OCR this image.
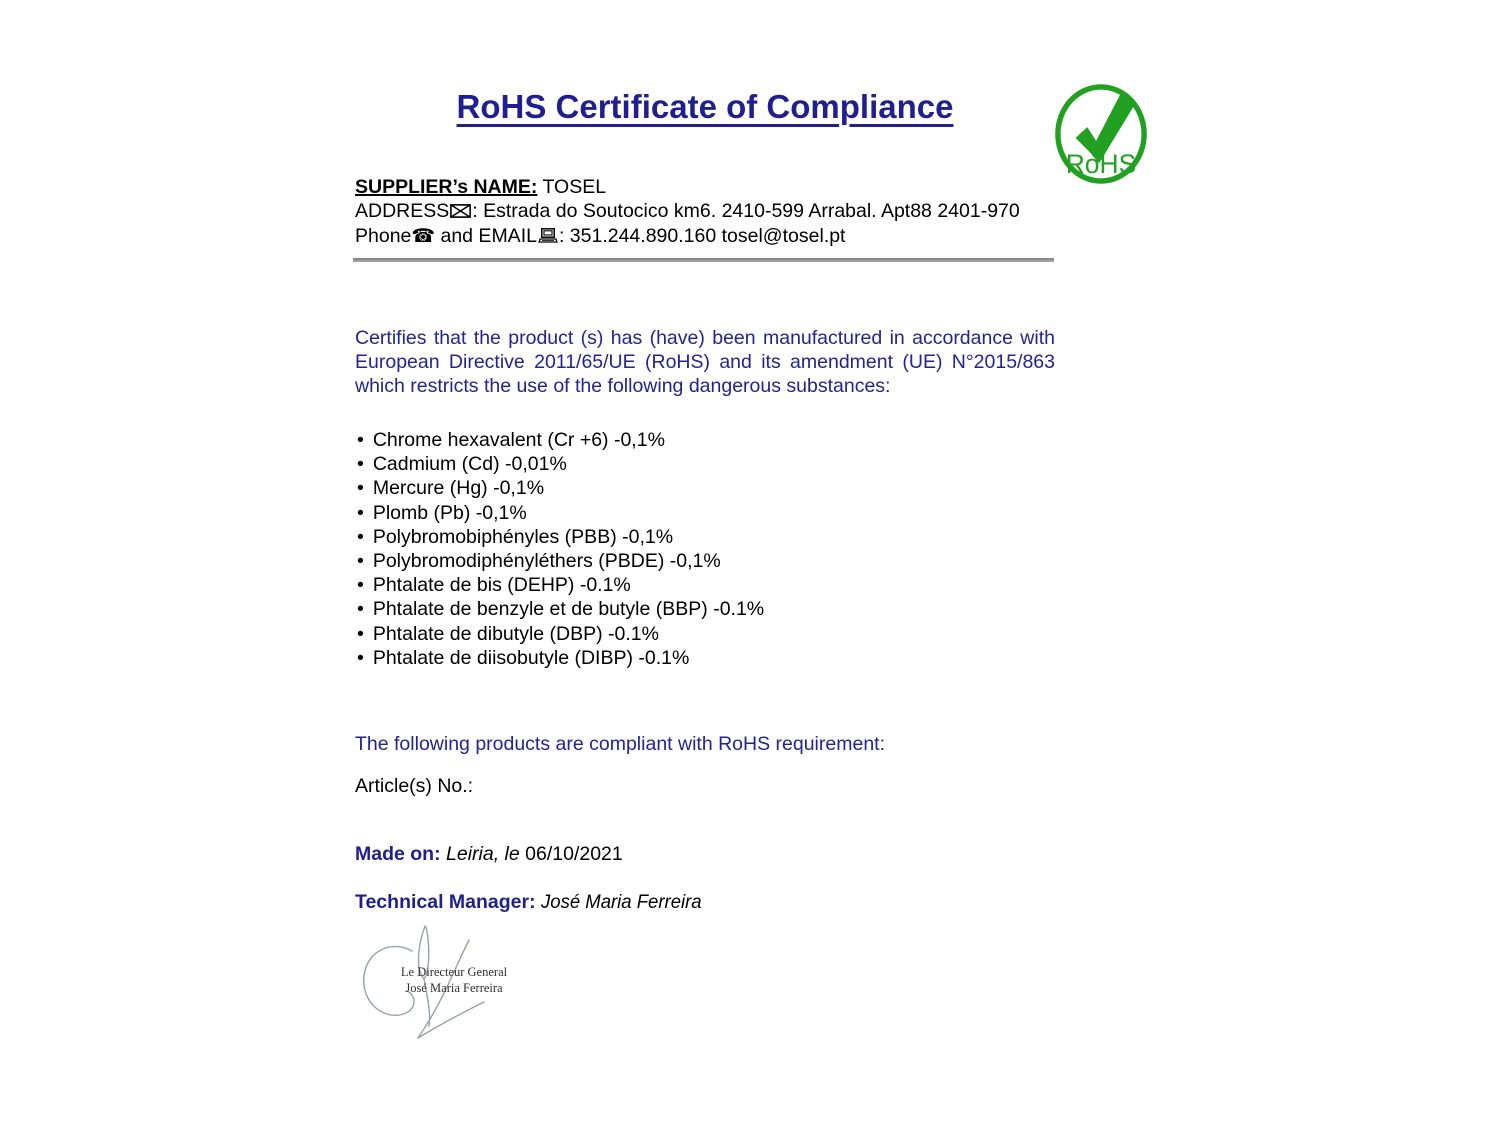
RoHS Certificate of Compliance
RoHS
SUPPLIER’s NAME: TOSEL
ADDRESS : Estrada do Soutocico km6. 2410-599 Arrabal. Apt88 2401-970
Phone☎ and EMAIL : 351.244.890.160 tosel@tosel.pt

Certifies that the product (s) has (have) been manufactured in accordance with European Directive 2011/65/UE (RoHS) and its amendment (UE) N°2015/863 which restricts the use of the following dangerous substances:

• Chrome hexavalent (Cr +6) -0,1%
• Cadmium (Cd) -0,01%
• Mercure (Hg) -0,1%
• Plomb (Pb) -0,1%
• Polybromobiphényles (PBB) -0,1%
• Polybromodiphényléthers (PBDE) -0,1%
• Phtalate de bis (DEHP) -0.1%
• Phtalate de benzyle et de butyle (BBP) -0.1%
• Phtalate de dibutyle (DBP) -0.1%
• Phtalate de diisobutyle (DIBP) -0.1%
The following products are compliant with RoHS requirement:
Article(s) No.:
Made on: Leiria, le 06/10/2021
Technical Manager: José Maria Ferreira
Le Directeur General
José Maria Ferreira
